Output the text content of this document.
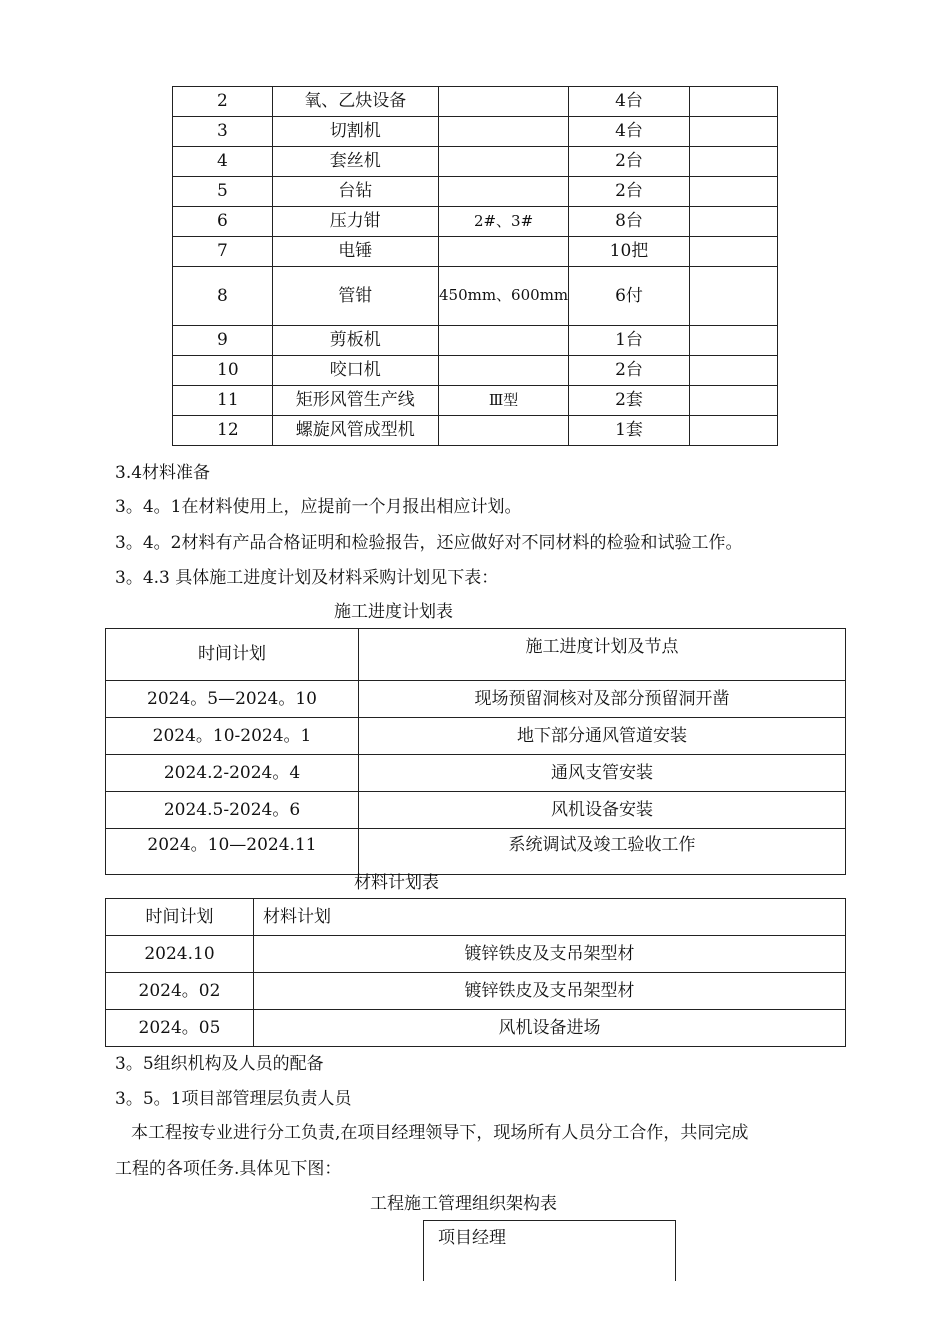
2	氧、乙炔设备		4台	
3	切割机		4台	
4	套丝机		2台	
5	台钻		2台	
6	压力钳	2#、3#	8台	
7	电锤		10把	
8	管钳	450mm、600mm	6付	
9	剪板机		1台	
10	咬口机		2台	
11	矩形风管生产线	Ⅲ型	2套	
12	螺旋风管成型机		1套	
3.4材料准备
3。4。1在材料使用上，应提前一个月报出相应计划。
3。4。2材料有产品合格证明和检验报告，还应做好对不同材料的检验和试验工作。
3。4.3 具体施工进度计划及材料采购计划见下表：
施工进度计划表
时间计划	施工进度计划及节点
2024。5—2024。10	现场预留洞核对及部分预留洞开凿
2024。10-2024。1	地下部分通风管道安装
2024.2-2024。4	通风支管安装
2024.5-2024。6	风机设备安装
2024。10—2024.11	系统调试及竣工验收工作
材料计划表
时间计划	材料计划
2024.10	镀锌铁皮及支吊架型材
2024。02	镀锌铁皮及支吊架型材
2024。05	风机设备进场
3。5组织机构及人员的配备
3。5。1项目部管理层负责人员
本工程按专业进行分工负责,在项目经理领导下，现场所有人员分工合作，共同完成
工程的各项任务.具体见下图：
工程施工管理组织架构表
项目经理
